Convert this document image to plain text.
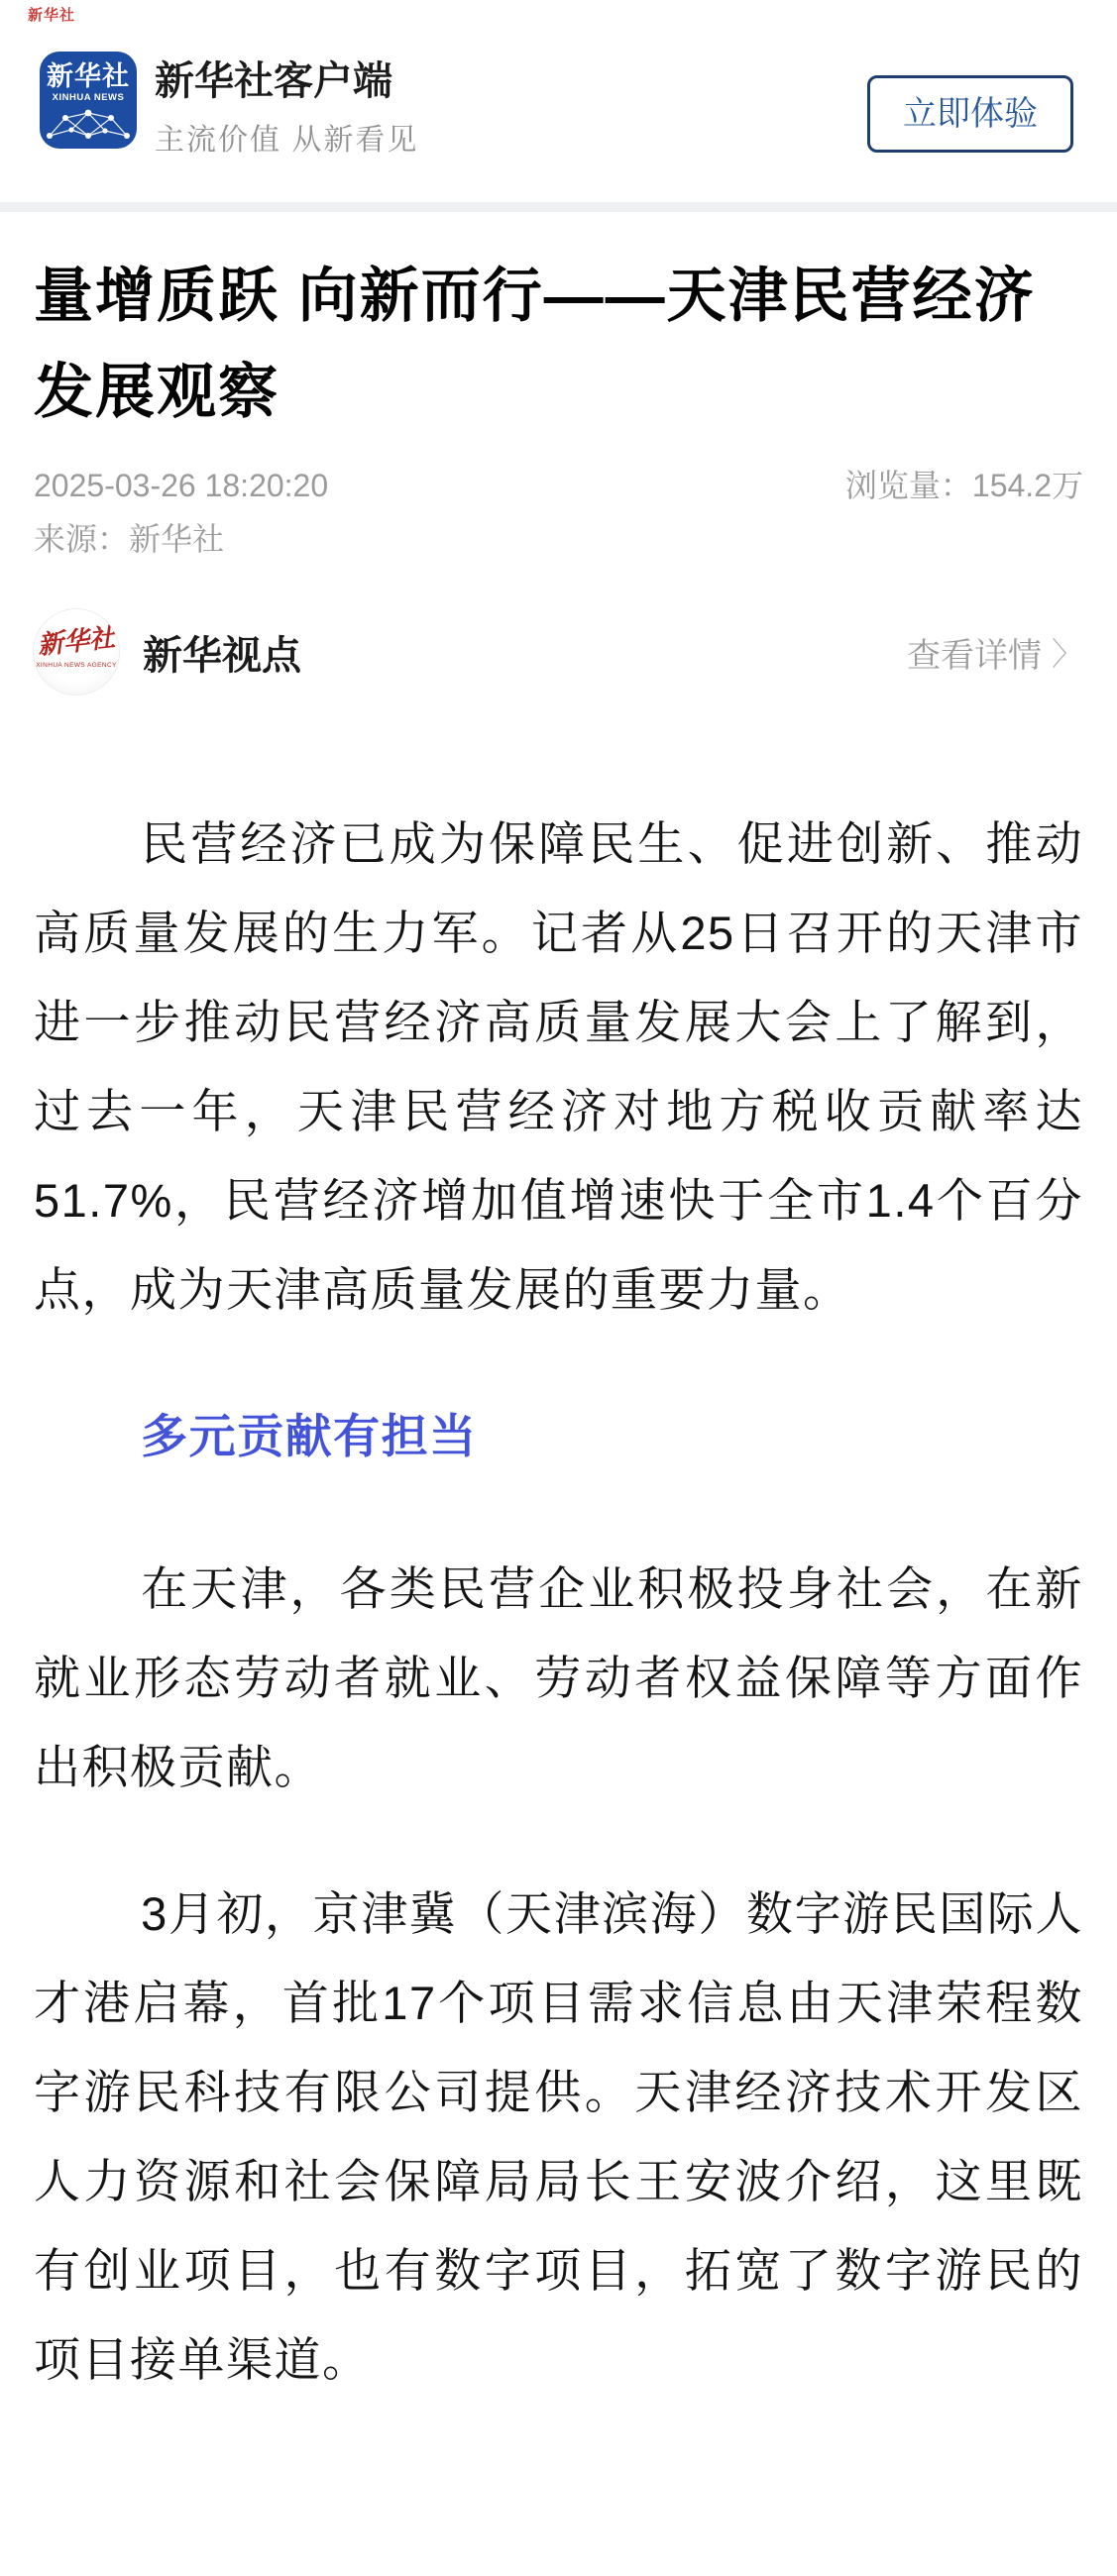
新华社
新华社
XINHUA NEWS 新华社客户端
主流价值 从新看见
立即体验
量增质跃 向新而行——天津民营经济发展观察
2025-03-26 18:20:20	浏览量：154.2万
来源：新华社
新华社
XINHUA NEWS AGENCY 新华视点	查看详情 〉

民营经济已成为保障民生、促进创新、推动高质量发展的生力军。记者从25日召开的天津市进一步推动民营经济高质量发展大会上了解到，过去一年，天津民营经济对地方税收贡献率达51.7%，民营经济增加值增速快于全市1.4个百分点，成为天津高质量发展的重要力量。

多元贡献有担当

在天津，各类民营企业积极投身社会，在新就业形态劳动者就业、劳动者权益保障等方面作出积极贡献。

3月初，京津冀（天津滨海）数字游民国际人才港启幕，首批17个项目需求信息由天津荣程数字游民科技有限公司提供。天津经济技术开发区人力资源和社会保障局局长王安波介绍，这里既有创业项目，也有数字项目，拓宽了数字游民的项目接单渠道。
